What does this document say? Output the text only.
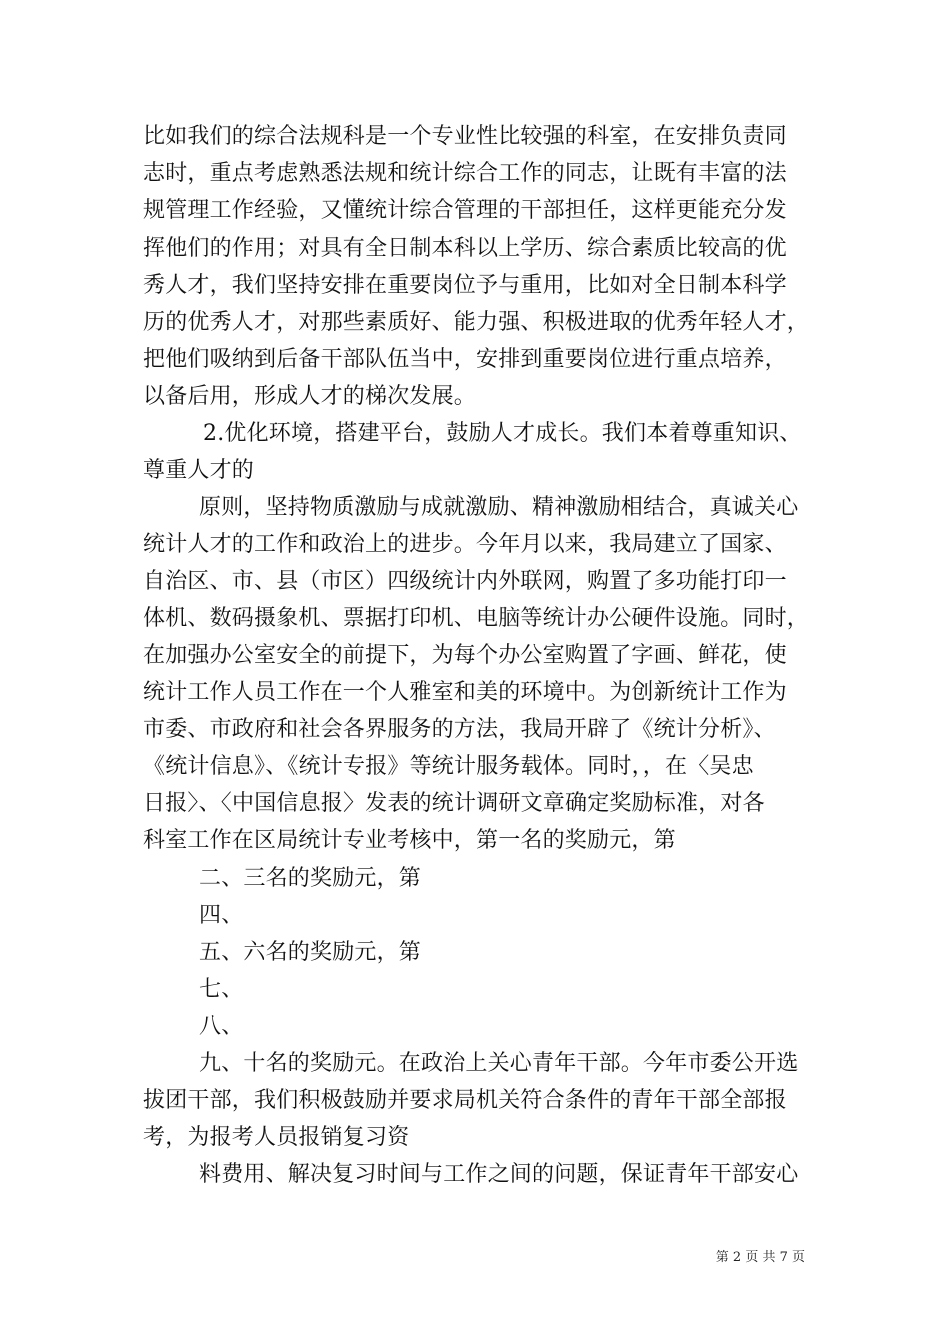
比如我们的综合法规科是一个专业性比较强的科室，在安排负责同
志时，重点考虑熟悉法规和统计综合工作的同志，让既有丰富的法
规管理工作经验，又懂统计综合管理的干部担任，这样更能充分发
挥他们的作用；对具有全日制本科以上学历、综合素质比较高的优
秀人才，我们坚持安排在重要岗位予与重用，比如对全日制本科学
历的优秀人才，对那些素质好、能力强、积极进取的优秀年轻人才，
把他们吸纳到后备干部队伍当中，安排到重要岗位进行重点培养，
以备后用，形成人才的梯次发展。
2.优化环境，搭建平台，鼓励人才成长。我们本着尊重知识、
尊重人才的
原则，坚持物质激励与成就激励、精神激励相结合，真诚关心
统计人才的工作和政治上的进步。今年月以来，我局建立了国家、
自治区、市、县（市区）四级统计内外联网，购置了多功能打印一
体机、数码摄象机、票据打印机、电脑等统计办公硬件设施。同时，
在加强办公室安全的前提下，为每个办公室购置了字画、鲜花，使
统计工作人员工作在一个人雅室和美的环境中。为创新统计工作为
市委、市政府和社会各界服务的方法，我局开辟了《统计分析》、
《统计信息》、《统计专报》等统计服务载体。同时，，在〈吴忠
日报〉、〈中国信息报〉发表的统计调研文章确定奖励标准，对各
科室工作在区局统计专业考核中，第一名的奖励元，第
二、三名的奖励元，第
四、
五、六名的奖励元，第
七、
八、
九、十名的奖励元。在政治上关心青年干部。今年市委公开选
拔团干部，我们积极鼓励并要求局机关符合条件的青年干部全部报
考，为报考人员报销复习资
料费用、解决复习时间与工作之间的问题，保证青年干部安心
第 2 页 共 7 页
